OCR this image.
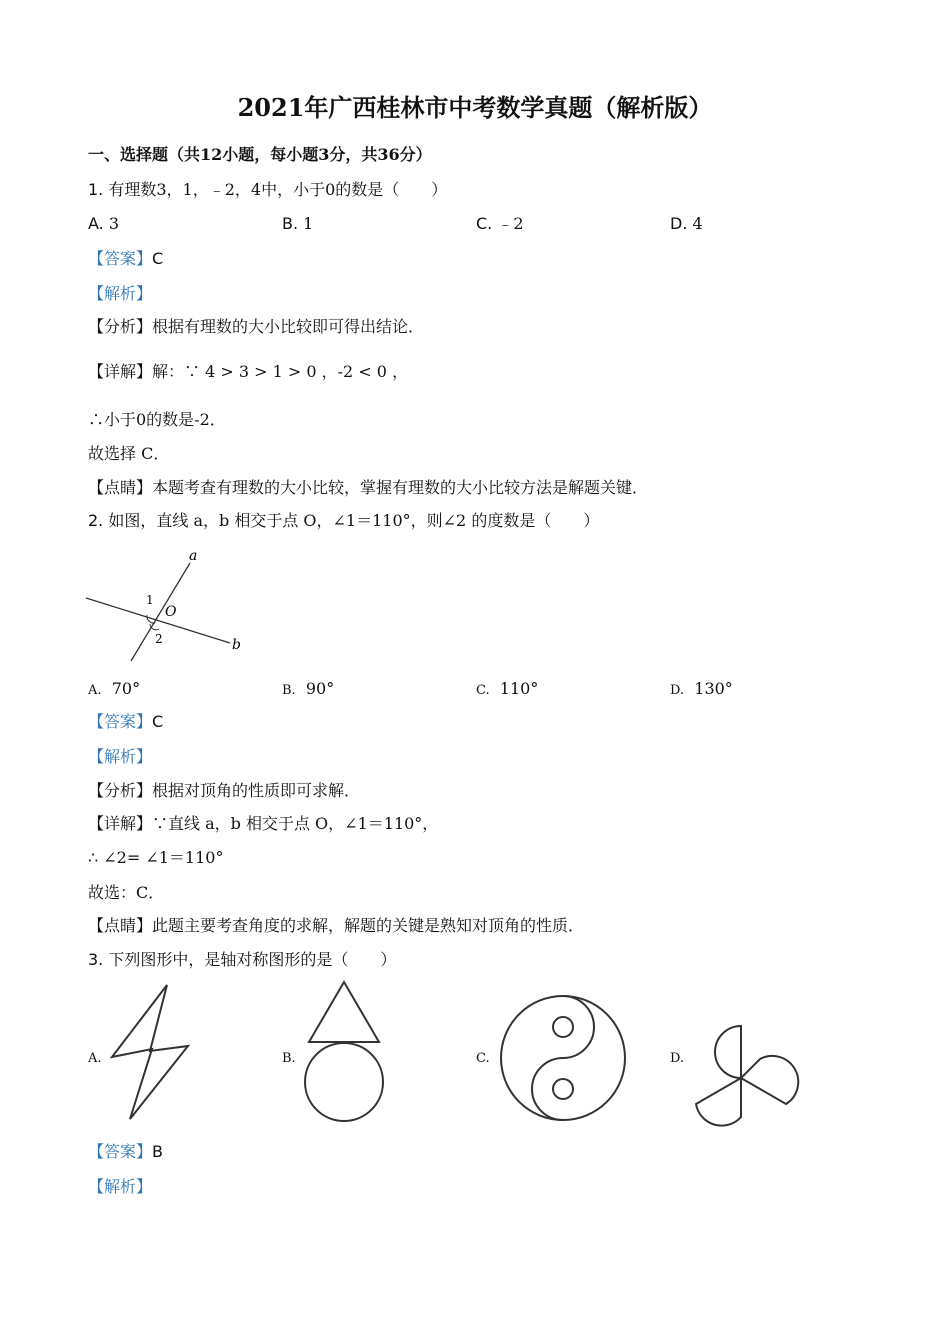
2021年广西桂林市中考数学真题（解析版）
一、选择题（共12小题，每小题3分，共36分）
1. 有理数3，1，﹣2，4中，小于0的数是（　　）
A. 3	B. 1	C. ﹣2	D. 4
【答案】C
【解析】
【分析】根据有理数的大小比较即可得出结论．
【详解】解：∵ 4 > 3 > 1 > 0 ，-2 < 0 ，
∴小于0的数是-2．
故选择 C．
【点睛】本题考查有理数的大小比较，掌握有理数的大小比较方法是解题关键．
2. 如图，直线 a，b 相交于点 O，∠1＝110°，则∠2 的度数是（　　）
a
b
O
1
2
A. 70°	B. 90°	C. 110°	D. 130°
【答案】C
【解析】
【分析】根据对顶角的性质即可求解．
【详解】∵直线 a，b 相交于点 O，∠1＝110°，
∴ ∠2= ∠1＝110°
故选：C．
【点睛】此题主要考查角度的求解，解题的关键是熟知对顶角的性质．
3. 下列图形中，是轴对称图形的是（　　）
A.	B.	C.	D.
【答案】B
【解析】
